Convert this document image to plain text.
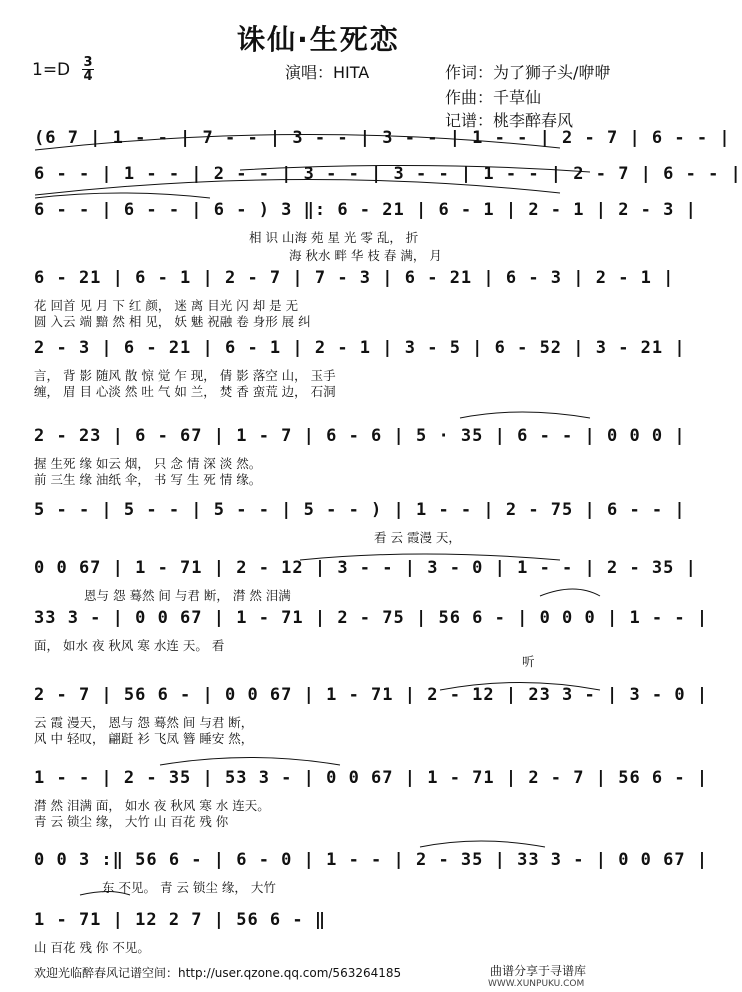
诛仙·生死恋
1=D 3
4	演唱：HITA	作词：为了狮子头/咿咿
作曲：千草仙
记谱：桃李醉春风
(6 7 | 1 - - | 7 - - | 3 - - | 3 - - | 1 - - | 2 - 7 | 6 - - |
6 - - | 1 - - | 2 - - | 3 - - | 3 - - | 1 - - | 2 - 7 | 6 - - |
6 - - | 6 - - | 6 - ) 3 ‖: 6 - 21 | 6 - 1 | 2 - 1 | 2 - 3 |
相 识 山海 苑 星 光 零 乱， 折
海 秋水 畔 华 枝 春 满， 月
6 - 21 | 6 - 1 | 2 - 7 | 7 - 3 | 6 - 21 | 6 - 3 | 2 - 1 |
花 回首 见 月 下 红 颜， 迷 离 目光 闪 却 是 无
圆 入云 端 黯 然 相 见， 妖 魅 祝融 卷 身形 展 纠
2 - 3 | 6 - 21 | 6 - 1 | 2 - 1 | 3 - 5 | 6 - 52 | 3 - 21 |
言， 背 影 随风 散 惊 觉 乍 现， 倩 影 落空 山， 玉手
缠， 眉 目 心淡 然 吐 气 如 兰， 焚 香 蛮荒 边， 石洞
2 - 23 | 6 - 67 | 1 - 7 | 6 - 6 | 5 · 35 | 6 - - | 0 0 0 |
握 生死 缘 如云 烟， 只 念 情 深 淡 然。
前 三生 缘 油纸 伞， 书 写 生 死 情 缘。
5 - - | 5 - - | 5 - - | 5 - - ) | 1 - - | 2 - 75 | 6 - - |
看 云 霞漫 天，
0 0 67 | 1 - 71 | 2 - 12 | 3 - - | 3 - 0 | 1 - - | 2 - 35 |
恩与 怨 蓦然 间 与君 断， 潸 然 泪满
33 3 - | 0 0 67 | 1 - 71 | 2 - 75 | 56 6 - | 0 0 0 | 1 - - |
面， 如水 夜 秋风 寒 水连 天。 看
听
2 - 7 | 56 6 - | 0 0 67 | 1 - 71 | 2 - 12 | 23 3 - | 3 - 0 |
云 霞 漫天， 恩与 怨 蓦然 间 与君 断，
风 中 轻叹， 翩跹 衫 飞凤 簪 睡安 然，
1 - - | 2 - 35 | 53 3 - | 0 0 67 | 1 - 71 | 2 - 7 | 56 6 - |
潸 然 泪满 面， 如水 夜 秋风 寒 水 连天。
青 云 锁尘 缘， 大竹 山 百花 残 你
0 0 3 :‖ 56 6 - | 6 - 0 | 1 - - | 2 - 35 | 33 3 - | 0 0 67 |
东 不见。 青 云 锁尘 缘， 大竹
1 - 71 | 12 2 7 | 56 6 - ‖
山 百花 残 你 不见。
欢迎光临醉春风记谱空间：http://user.qzone.qq.com/563264185	曲谱分享于寻谱库
WWW.XUNPUKU.COM
